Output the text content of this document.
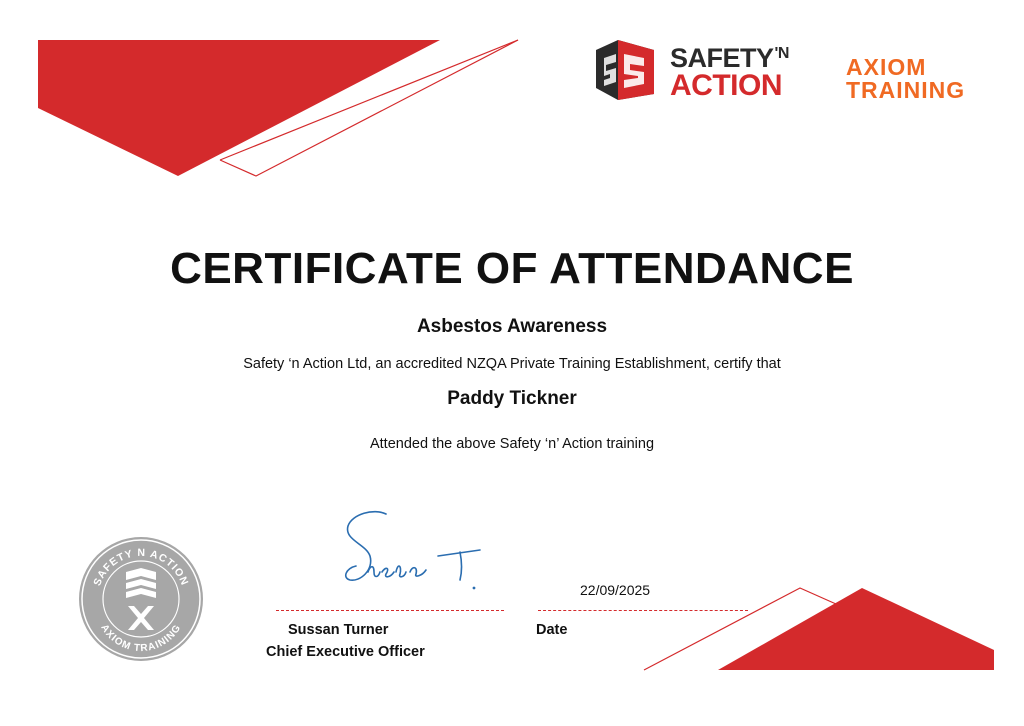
$SAFETY^{'N}$
ACTION
AXIOM
TRAINING
CERTIFICATE OF ATTENDANCE
Asbestos Awareness
Safety ‘n Action Ltd, an accredited NZQA Private Training Establishment, certify that
Paddy Tickner
Attended the above Safety ‘n’ Action training
SAFETY N ACTION
AXIOM TRAINING	Sussan Turner
Chief Executive Officer
22/09/2025
Date
